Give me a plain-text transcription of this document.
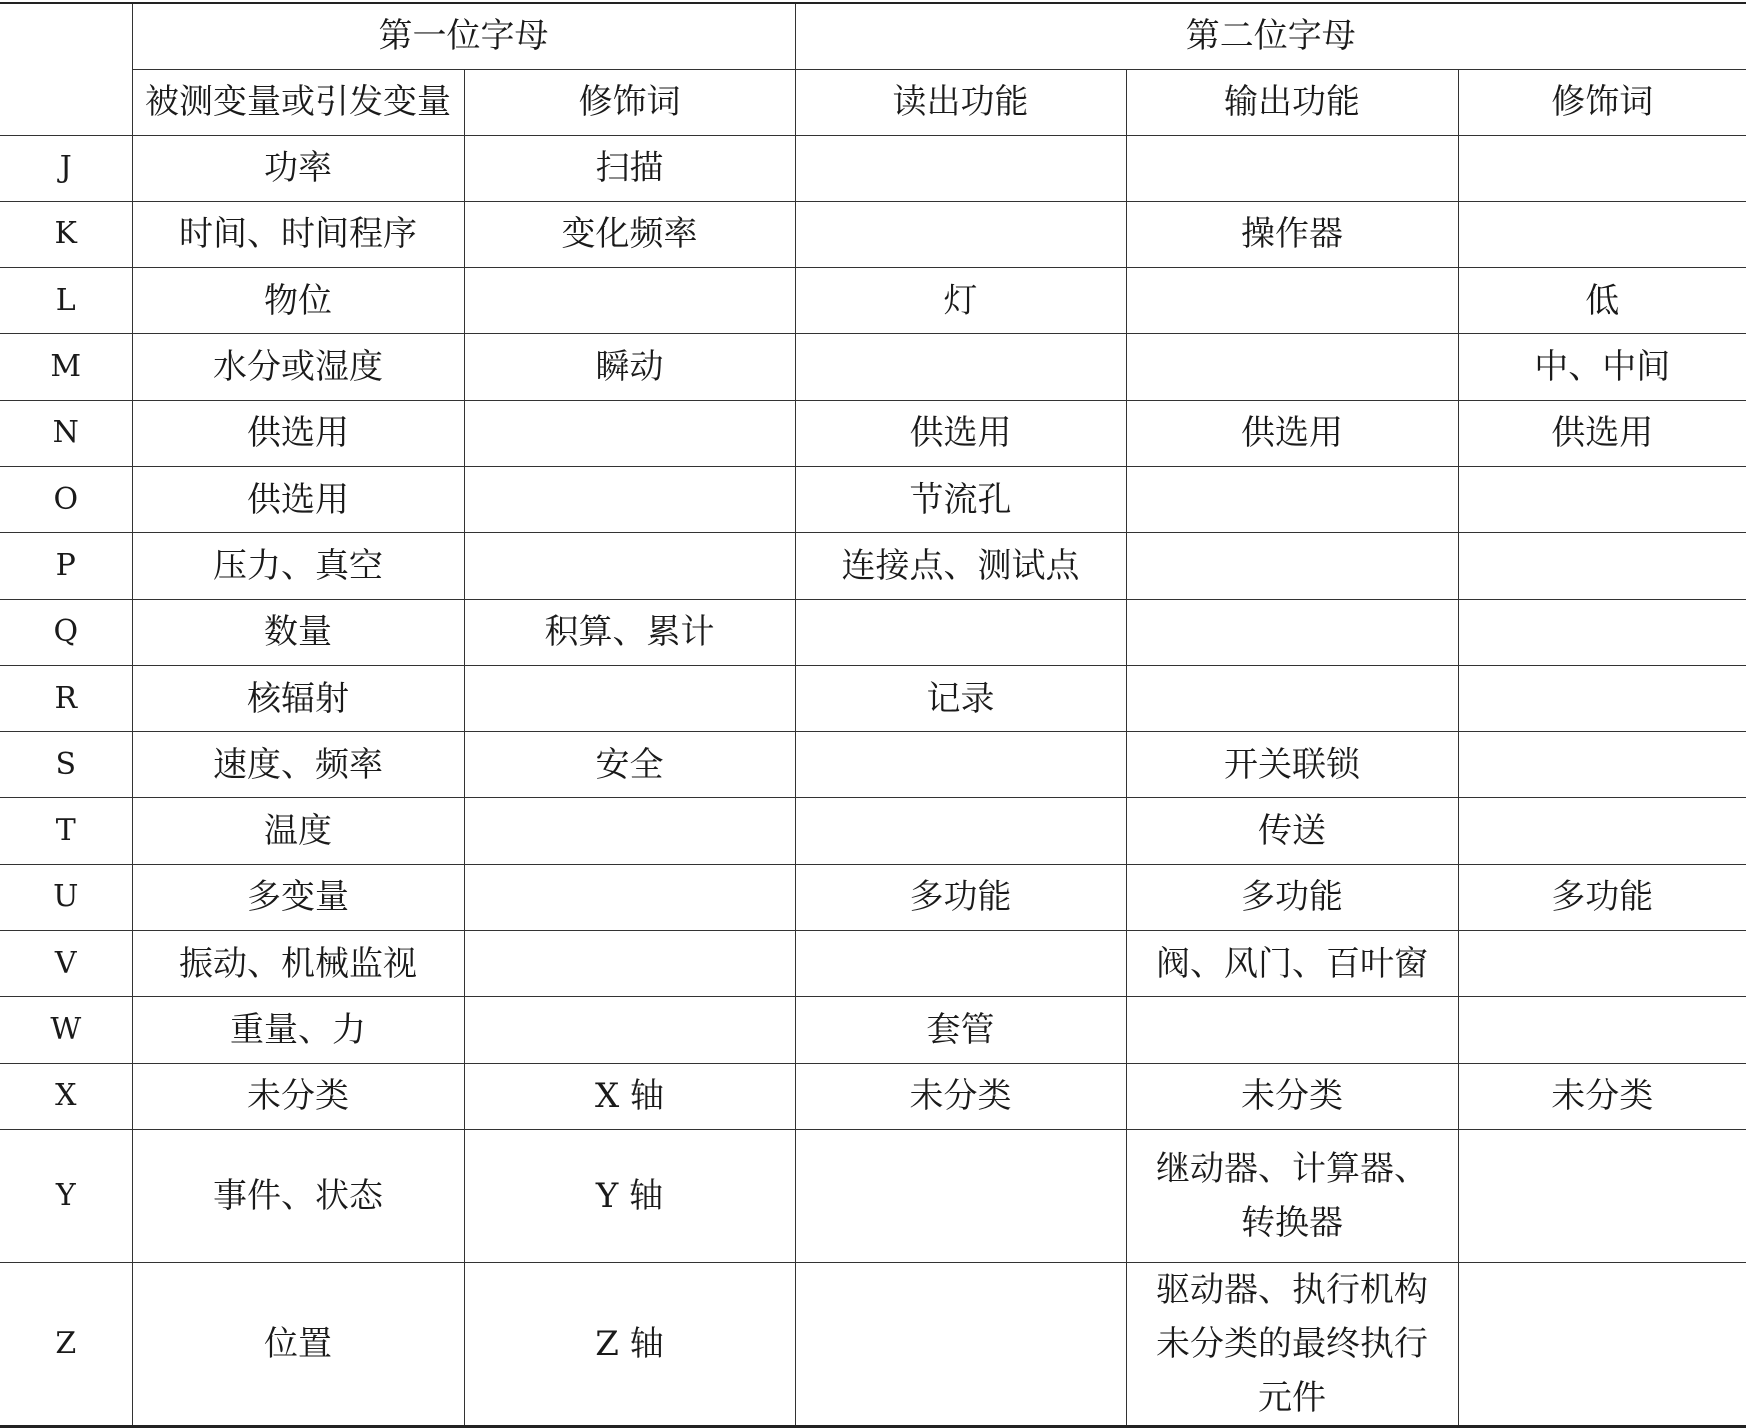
	第一位字母		第二位字母		
	被测变量或引发变量	修饰词	读出功能	输出功能	修饰词
J	功率	扫描			
K	时间、时间程序	变化频率		操作器	
L	物位		灯		低
M	水分或湿度	瞬动			中、中间
N	供选用		供选用	供选用	供选用
O	供选用		节流孔		
P	压力、真空		连接点、测试点		
Q	数量	积算、累计			
R	核辐射		记录		
S	速度、频率	安全		开关联锁	
T	温度			传送	
U	多变量		多功能	多功能	多功能
V	振动、机械监视			阀、风门、百叶窗	
W	重量、力		套管		
X	未分类	X 轴	未分类	未分类	未分类
Y	事件、状态	Y 轴		继动器、计算器、转换器	
Z	位置	Z 轴		驱动器、执行机构未分类的最终执行元件	
